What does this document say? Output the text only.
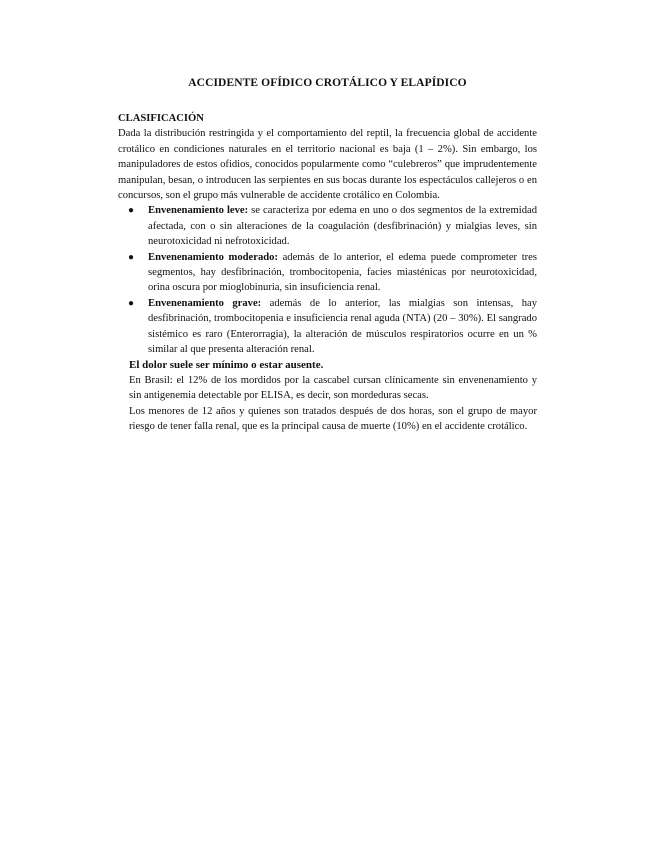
ACCIDENTE OFÍDICO CROTÁLICO Y ELAPÍDICO

CLASIFICACIÓN

Dada la distribución restringida y el comportamiento del reptil, la frecuencia global de accidente crotálico en condiciones naturales en el territorio nacional es baja (1 – 2%). Sin embargo, los manipuladores de estos ofidios, conocidos popularmente como “culebreros” que imprudentemente manipulan, besan, o introducen las serpientes en sus bocas durante los espectáculos callejeros o en concursos, son el grupo más vulnerable de accidente crotálico en Colombia.

● Envenenamiento leve: se caracteriza por edema en uno o dos segmentos de la extremidad afectada, con o sin alteraciones de la coagulación (desfibrinación) y mialgias leves, sin neurotoxicidad ni nefrotoxicidad.
● Envenenamiento moderado: además de lo anterior, el edema puede comprometer tres segmentos, hay desfibrinación, trombocitopenia, facies miasténicas por neurotoxicidad, orina oscura por mioglobinuria, sin insuficiencia renal.
● Envenenamiento grave: además de lo anterior, las mialgias son intensas, hay desfibrinación, trombocitopenia e insuficiencia renal aguda (NTA) (20 – 30%). El sangrado sistémico es raro (Enterorragia), la alteración de músculos respiratorios ocurre en un % similar al que presenta alteración renal.

El dolor suele ser mínimo o estar ausente.

En Brasil: el 12% de los mordidos por la cascabel cursan clínicamente sin envenenamiento y sin antigenemia detectable por ELISA, es decir, son mordeduras secas.

Los menores de 12 años y quienes son tratados después de dos horas, son el grupo de mayor riesgo de tener falla renal, que es la principal causa de muerte (10%) en el accidente crotálico.
